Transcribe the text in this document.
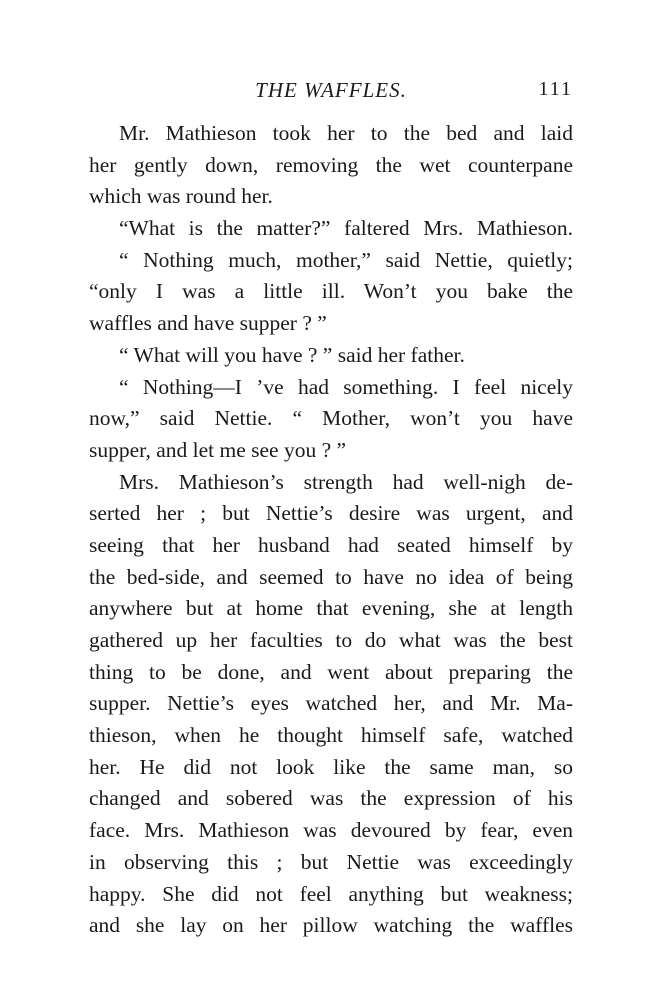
THE WAFFLES.	111
Mr. Mathieson took her to the bed and laid
her gently down, removing the wet counterpane
which was round her.
“What is the matter?” faltered Mrs. Mathieson.
“ Nothing much, mother,” said Nettie, quietly;
“only I was a little ill. Won’t you bake the
waffles and have supper ? ”
“ What will you have ? ” said her father.
“ Nothing—I ’ve had something. I feel nicely
now,” said Nettie. “ Mother, won’t you have
supper, and let me see you ? ”
Mrs. Mathieson’s strength had well-nigh de-
serted her ; but Nettie’s desire was urgent, and
seeing that her husband had seated himself by
the bed-side, and seemed to have no idea of being
anywhere but at home that evening, she at length
gathered up her faculties to do what was the best
thing to be done, and went about preparing the
supper. Nettie’s eyes watched her, and Mr. Ma-
thieson, when he thought himself safe, watched
her. He did not look like the same man, so
changed and sobered was the expression of his
face. Mrs. Mathieson was devoured by fear, even
in observing this ; but Nettie was exceedingly
happy. She did not feel anything but weakness;
and she lay on her pillow watching the waffles
